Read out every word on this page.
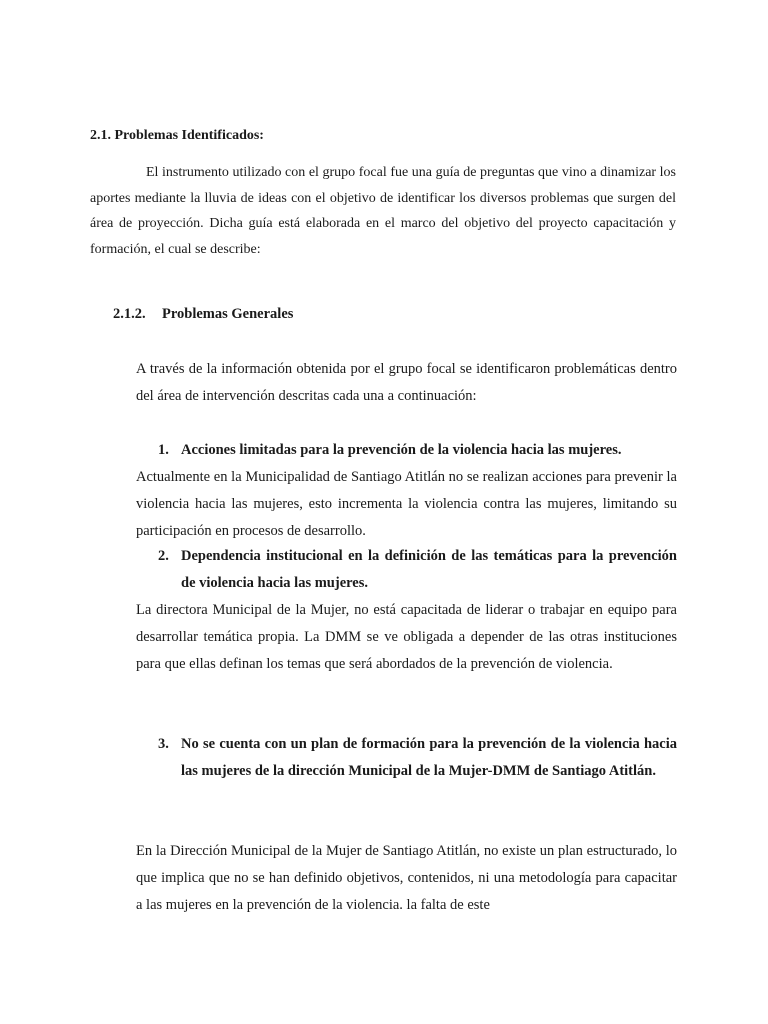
2.1. Problemas Identificados:

El instrumento utilizado con el grupo focal fue una guía de preguntas que vino a dinamizar los aportes mediante la lluvia de ideas con el objetivo de identificar los diversos problemas que surgen del área de proyección. Dicha guía está elaborada en el marco del objetivo del proyecto capacitación y formación, el cual se describe:

2.1.2. Problemas Generales

A través de la información obtenida por el grupo focal se identificaron problemáticas dentro del área de intervención descritas cada una a continuación:

1. Acciones limitadas para la prevención de la violencia hacia las mujeres.

Actualmente en la Municipalidad de Santiago Atitlán no se realizan acciones para prevenir la violencia hacia las mujeres, esto incrementa la violencia contra las mujeres, limitando su participación en procesos de desarrollo.

2. Dependencia institucional en la definición de las temáticas para la prevención de violencia hacia las mujeres.

La directora Municipal de la Mujer, no está capacitada de liderar o trabajar en equipo para desarrollar temática propia. La DMM se ve obligada a depender de las otras instituciones para que ellas definan los temas que será abordados de la prevención de violencia.

3. No se cuenta con un plan de formación para la prevención de la violencia hacia las mujeres de la dirección Municipal de la Mujer-DMM de Santiago Atitlán.

En la Dirección Municipal de la Mujer de Santiago Atitlán, no existe un plan estructurado, lo que implica que no se han definido objetivos, contenidos, ni una metodología para capacitar a las mujeres en la prevención de la violencia. la falta de este
